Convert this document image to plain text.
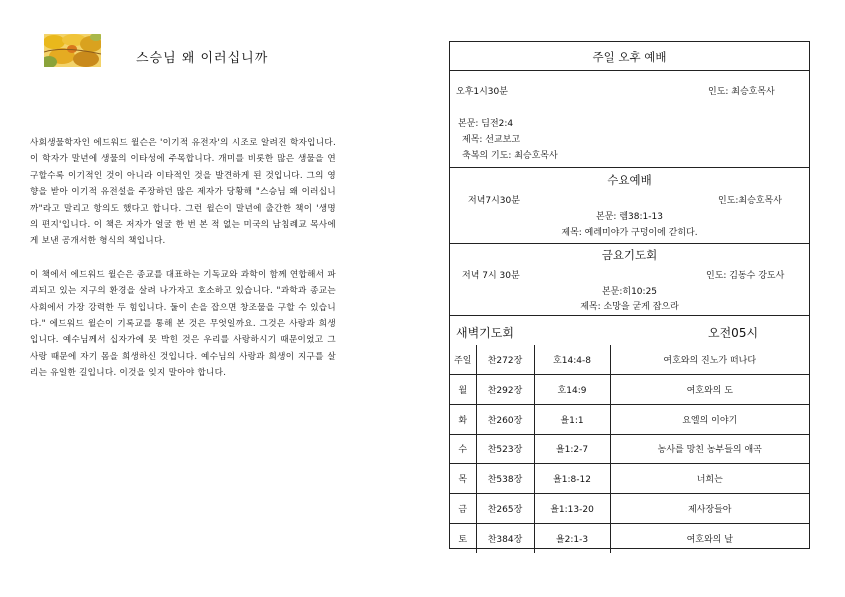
스승님 왜 이러십니까

사회생물학자인 에드워드 윌슨은 '이기적 유전자'의 시조로 알려진 학자입니다. 이 학자가 말년에 생물의 이타성에 주목합니다. 개미를 비롯한 많은 생물을 연구할수록 이기적인 것이 아니라 이타적인 것을 발견하게 된 것입니다. 그의 영향을 받아 이기적 유전설을 주장하던 많은 제자가 당황해 "스승님 왜 이러십니까"라고 말리고 항의도 했다고 합니다. 그런 윌슨이 말년에 출간한 책이 '생명의 편지'입니다. 이 책은 저자가 얼굴 한 번 본 적 없는 미국의 남침례교 목사에게 보낸 공개서한 형식의 책입니다.

이 책에서 에드워드 윌슨은 종교를 대표하는 기독교와 과학이 함께 연합해서 파괴되고 있는 지구의 환경을 살려 나가자고 호소하고 있습니다. "과학과 종교는 사회에서 가장 강력한 두 힘입니다. 둘이 손을 잡으면 창조물을 구할 수 있습니다." 에드워드 윌슨이 기록교를 통해 본 것은 무엇일까요. 그것은 사랑과 희생입니다. 예수님께서 십자가에 못 박힌 것은 우리를 사랑하시기 때문이었고 그 사랑 때문에 자기 몸을 희생하신 것입니다. 예수님의 사랑과 희생이 지구를 살리는 유일한 길입니다. 이것을 잊지 말아야 합니다.

주일 오후 예배
오후1시30분	인도: 최승호목사
본문: 딤전2:4
제목: 선교보고
축복의 기도: 최승호목사
수요예배
저녁7시30분	인도:최승호목사
본문: 렘38:1-13
제목: 예레미야가 구덩이에 갇히다.
금요기도회
저녁 7시 30분	인도: 김동수 강도사
본문:히10:25
제목: 소망을 굳게 잡으라
새벽기도회	오전05시
주일	찬272장	호14:4-8	여호와의 진노가 떠나다
월	찬292장	호14:9	여호와의 도
화	찬260장	욜1:1	요엘의 이야기
수	찬523장	욜1:2-7	농사를 망친 농부들의 애곡
목	찬538장	욜1:8-12	너희는
금	찬265장	욜1:13-20	제사장들아
토	찬384장	욜2:1-3	여호와의 날
